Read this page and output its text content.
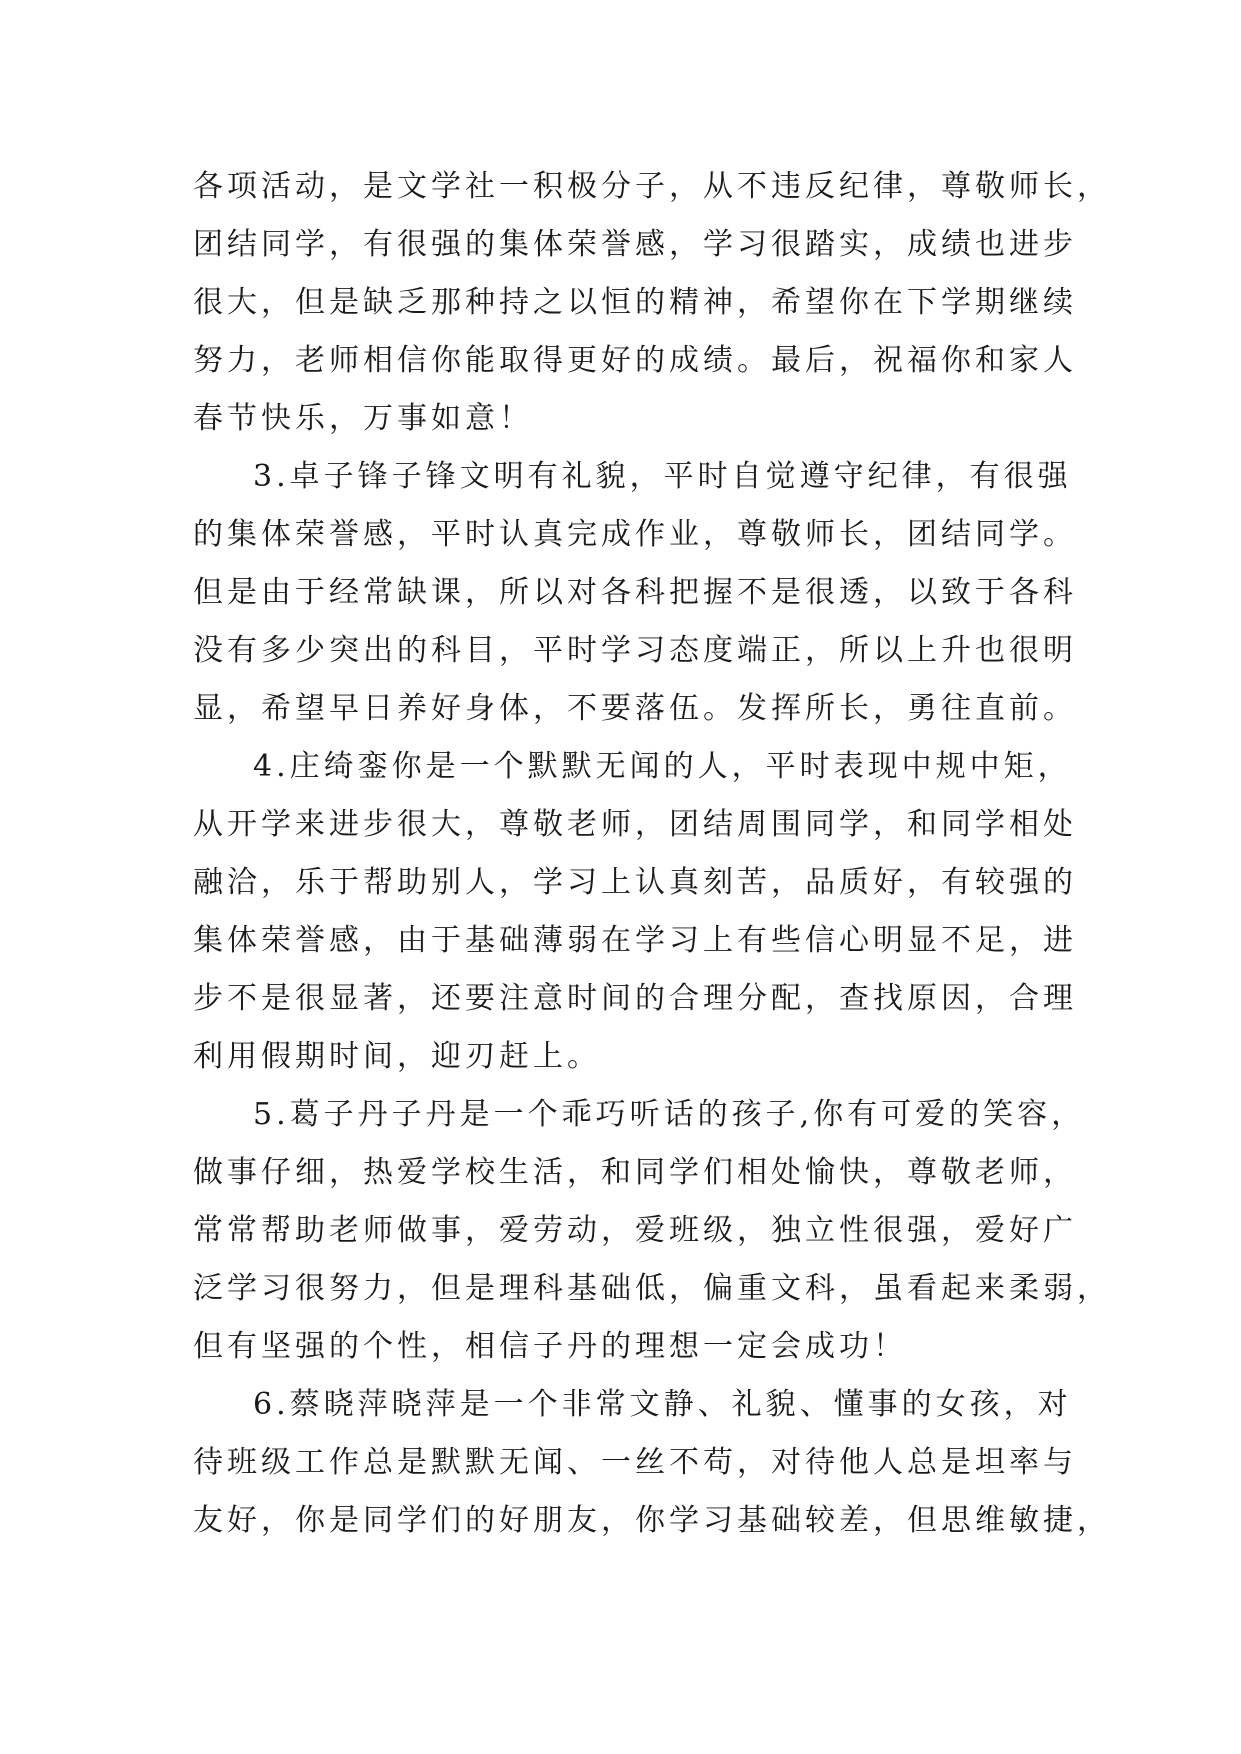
各项活动，是文学社一积极分子，从不违反纪律，尊敬师长，
团结同学，有很强的集体荣誉感，学习很踏实，成绩也进步
很大，但是缺乏那种持之以恒的精神，希望你在下学期继续
努力，老师相信你能取得更好的成绩。最后，祝福你和家人
春节快乐，万事如意！
3.卓子锋子锋文明有礼貌，平时自觉遵守纪律，有很强
的集体荣誉感，平时认真完成作业，尊敬师长，团结同学。
但是由于经常缺课，所以对各科把握不是很透，以致于各科
没有多少突出的科目，平时学习态度端正，所以上升也很明
显，希望早日养好身体，不要落伍。发挥所长，勇往直前。
4.庄绮銮你是一个默默无闻的人，平时表现中规中矩，
从开学来进步很大，尊敬老师，团结周围同学，和同学相处
融洽，乐于帮助别人，学习上认真刻苦，品质好，有较强的
集体荣誉感，由于基础薄弱在学习上有些信心明显不足，进
步不是很显著，还要注意时间的合理分配，查找原因，合理
利用假期时间，迎刃赶上。
5.葛子丹子丹是一个乖巧听话的孩子,你有可爱的笑容，
做事仔细，热爱学校生活，和同学们相处愉快，尊敬老师，
常常帮助老师做事，爱劳动，爱班级，独立性很强，爱好广
泛学习很努力，但是理科基础低，偏重文科，虽看起来柔弱，
但有坚强的个性，相信子丹的理想一定会成功！
6.蔡晓萍晓萍是一个非常文静、礼貌、懂事的女孩，对
待班级工作总是默默无闻、一丝不苟，对待他人总是坦率与
友好，你是同学们的好朋友，你学习基础较差，但思维敏捷，
